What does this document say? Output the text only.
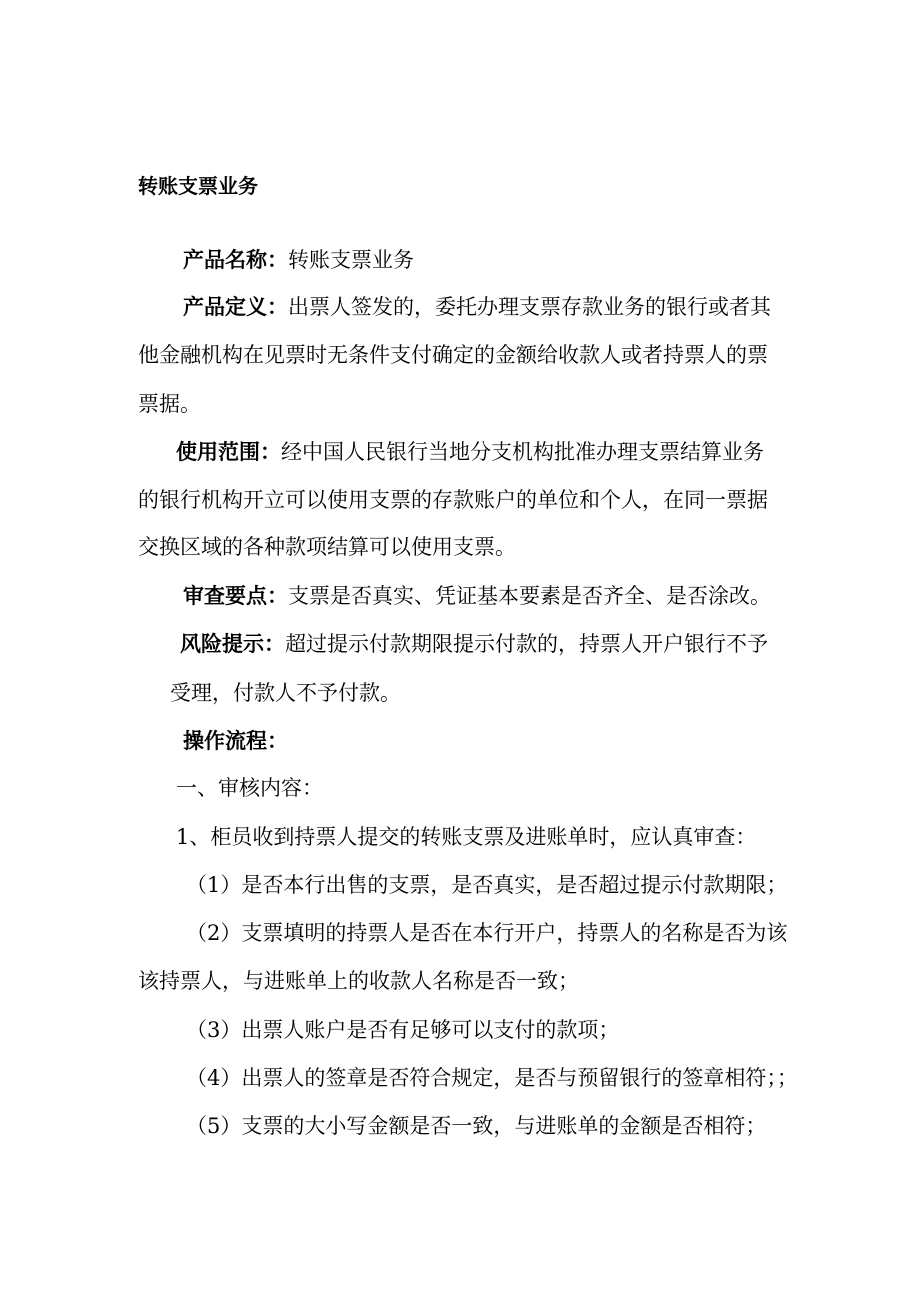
转账支票业务
产品名称：转账支票业务
产品定义：出票人签发的，委托办理支票存款业务的银行或者其
他金融机构在见票时无条件支付确定的金额给收款人或者持票人的票
票据。
使用范围：经中国人民银行当地分支机构批准办理支票结算业务
的银行机构开立可以使用支票的存款账户的单位和个人，在同一票据
交换区域的各种款项结算可以使用支票。
审查要点：支票是否真实、凭证基本要素是否齐全、是否涂改。
风险提示：超过提示付款期限提示付款的，持票人开户银行不予
受理，付款人不予付款。
操作流程：
一、审核内容：
1、柜员收到持票人提交的转账支票及进账单时，应认真审查：
（1）是否本行出售的支票，是否真实，是否超过提示付款期限；
（2）支票填明的持票人是否在本行开户，持票人的名称是否为该
该持票人，与进账单上的收款人名称是否一致；
（3）出票人账户是否有足够可以支付的款项；
（4）出票人的签章是否符合规定，是否与预留银行的签章相符；；
（5）支票的大小写金额是否一致，与进账单的金额是否相符；
